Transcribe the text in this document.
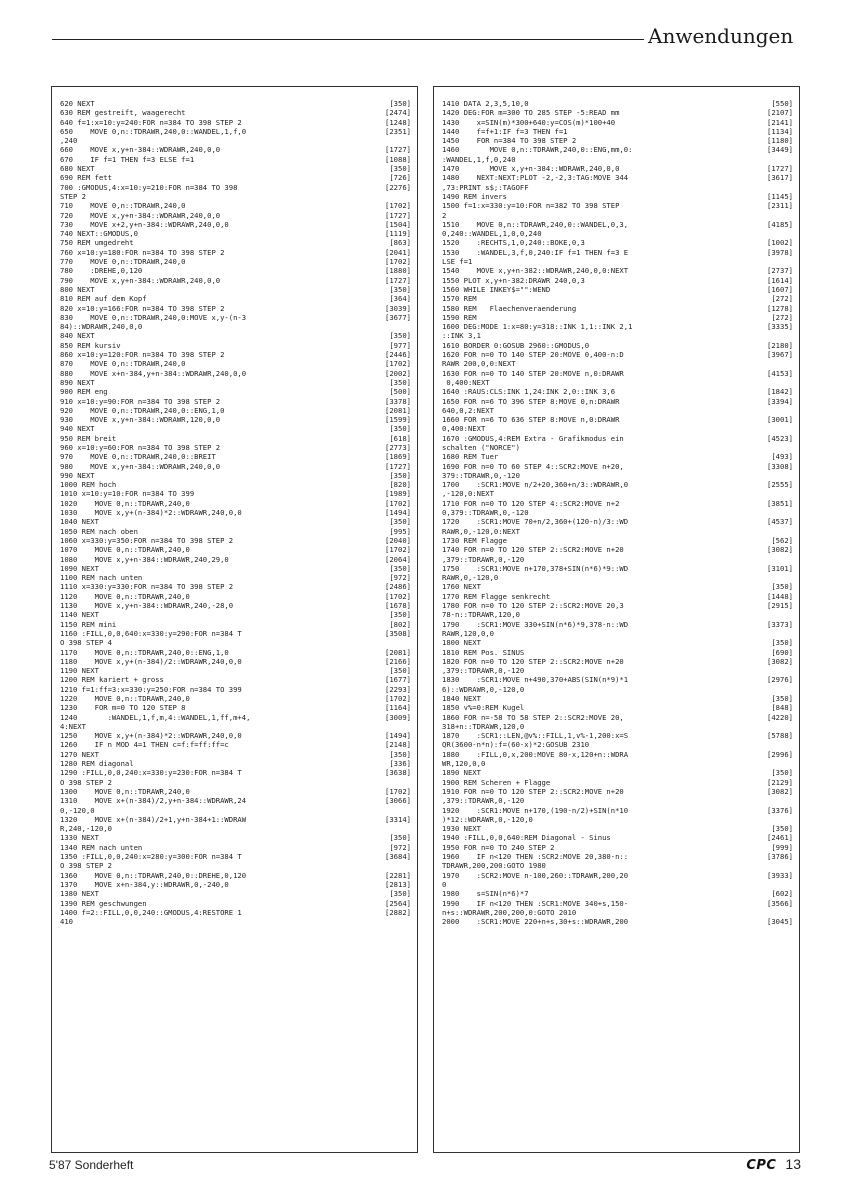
Anwendungen
620 NEXT	[350]
630 REM gestreift, waagerecht	[2474]
640 f=1:x=10:y=240:FOR n=384 TO 398 STEP 2	[1248]
650    MOVE 0,n::TDRAWR,240,0::WANDEL,1,f,0	[2351]
,240
660    MOVE x,y+n-384::WDRAWR,240,0,0	[1727]
670    IF f=1 THEN f=3 ELSE f=1	[1088]
680 NEXT	[350]
690 REM fett	[726]
700 :GMODUS,4:x=10:y=210:FOR n=384 TO 398	[2276]
STEP 2
710    MOVE 0,n::TDRAWR,240,0	[1702]
720    MOVE x,y+n-384::WDRAWR,240,0,0	[1727]
730    MOVE x+2,y+n-384::WDRAWR,240,0,0	[1504]
740 NEXT::GMODUS,0	[1119]
750 REM umgedreht	[863]
760 x=10:y=180:FOR n=384 TO 398 STEP 2	[2041]
770    MOVE 0,n::TDRAWR,240,0	[1702]
780    :DREHE,0,120	[1880]
790    MOVE x,y+n-384::WDRAWR,240,0,0	[1727]
800 NEXT	[350]
810 REM auf dem Kopf	[364]
820 x=10:y=166:FOR n=384 TO 398 STEP 2	[3039]
830    MOVE 0,n::TDRAWR,240,0:MOVE x,y-(n-3	[3677]
84)::WDRAWR,240,0,0
840 NEXT	[350]
850 REM kursiv	[977]
860 x=10:y=120:FOR n=384 TO 398 STEP 2	[2446]
870    MOVE 0,n::TDRAWR,240,0	[1702]
880    MOVE x+n-384,y+n-384::WDRAWR,240,0,0	[2002]
890 NEXT	[350]
900 REM eng	[500]
910 x=10:y=90:FOR n=384 TO 398 STEP 2	[3378]
920    MOVE 0,n::TDRAWR,240,0::ENG,1,0	[2081]
930    MOVE x,y+n-384::WDRAWR,120,0,0	[1599]
940 NEXT	[350]
950 REM breit	[618]
960 x=10:y=60:FOR n=384 TO 398 STEP 2	[2773]
970    MOVE 0,n::TDRAWR,240,0::BREIT	[1869]
980    MOVE x,y+n-384::WDRAWR,240,0,0	[1727]
990 NEXT	[350]
1000 REM hoch	[820]
1010 x=10:y=10:FOR n=384 TO 399	[1989]
1020    MOVE 0,n::TDRAWR,240,0	[1702]
1030    MOVE x,y+(n-384)*2::WDRAWR,240,0,0	[1494]
1040 NEXT	[350]
1050 REM nach oben	[995]
1060 x=330:y=350:FOR n=384 TO 398 STEP 2	[2040]
1070    MOVE 0,n::TDRAWR,240,0	[1702]
1080    MOVE x,y+n-384::WDRAWR,240,29,0	[2064]
1090 NEXT	[350]
1100 REM nach unten	[972]
1110 x=330:y=330:FOR n=384 TO 398 STEP 2	[2486]
1120    MOVE 0,n::TDRAWR,240,0	[1702]
1130    MOVE x,y+n-384::WDRAWR,240,-28,0	[1678]
1140 NEXT	[350]
1150 REM mini	[802]
1160 :FILL,0,0,640:x=330:y=290:FOR n=384 T	[3508]
O 398 STEP 4
1170    MOVE 0,n::TDRAWR,240,0::ENG,1,0	[2081]
1180    MOVE x,y+(n-384)/2::WDRAWR,240,0,0	[2166]
1190 NEXT	[350]
1200 REM kariert + gross	[1677]
1210 f=1:ff=3:x=330:y=250:FOR n=384 TO 399	[2293]
1220    MOVE 0,n::TDRAWR,240,0	[1702]
1230    FOR m=0 TO 120 STEP 8	[1164]
1240       :WANDEL,1,f,m,4::WANDEL,1,ff,m+4,	[3009]
4:NEXT
1250    MOVE x,y+(n-384)*2::WDRAWR,240,0,0	[1494]
1260    IF n MOD 4=1 THEN c=f:f=ff:ff=c	[2148]
1270 NEXT	[350]
1280 REM diagonal	[336]
1290 :FILL,0,0,240:x=330:y=230:FOR n=384 T	[3638]
O 398 STEP 2
1300    MOVE 0,n::TDRAWR,240,0	[1702]
1310    MOVE x+(n-384)/2,y+n-384::WDRAWR,24	[3066]
0,-120,0
1320    MOVE x+(n-384)/2+1,y+n-384+1::WDRAW	[3314]
R,240,-120,0
1330 NEXT	[350]
1340 REM nach unten	[972]
1350 :FILL,0,0,240:x=280:y=300:FOR n=384 T	[3684]
O 398 STEP 2
1360    MOVE 0,n::TDRAWR,240,0::DREHE,0,120	[2281]
1370    MOVE x+n-384,y::WDRAWR,0,-240,0	[2813]
1380 NEXT	[350]
1390 REM geschwungen	[2564]
1400 f=2::FILL,0,0,240::GMODUS,4:RESTORE 1	[2882]
410
1410 DATA 2,3,5,10,0	[550]
1420 DEG:FOR m=300 TO 285 STEP -5:READ mm	[2107]
1430    x=SIN(m)*300+640:y=COS(m)*100+40	[2141]
1440    f=f+1:IF f=3 THEN f=1	[1134]
1450    FOR n=384 TO 398 STEP 2	[1180]
1460       MOVE 0,n::TDRAWR,240,0::ENG,mm,0:	[3449]
:WANDEL,1,f,0,240
1470       MOVE x,y+n-384::WDRAWR,240,0,0	[1727]
1480    NEXT:NEXT:PLOT -2,-2,3:TAG:MOVE 344	[3617]
,73:PRINT s$;:TAGOFF
1490 REM invers	[1145]
1500 f=1:x=330:y=10:FOR n=382 TO 398 STEP	[2311]
2
1510    MOVE 0,n::TDRAWR,240,0::WANDEL,0,3,	[4185]
0,240::WANDEL,1,0,0,240
1520    :RECHTS,1,0,240::BOKE,0,3	[1002]
1530    :WANDEL,3,f,0,240:IF f=1 THEN f=3 E	[3978]
LSE f=1
1540    MOVE x,y+n-382::WDRAWR,240,0,0:NEXT	[2737]
1550 PLOT x,y+n-382:DRAWR 240,0,3	[1614]
1560 WHILE INKEY$="":WEND	[1607]
1570 REM	[272]
1580 REM   Flaechenveraenderung	[1278]
1590 REM	[272]
1600 DEG:MODE 1:x=80:y=318::INK 1,1::INK 2,1	[3335]
::INK 3,1
1610 BORDER 0:GOSUB 2960::GMODUS,0	[2180]
1620 FOR n=0 TO 140 STEP 20:MOVE 0,400-n:D	[3967]
RAWR 200,0,0:NEXT
1630 FOR n=0 TO 140 STEP 20:MOVE n,0:DRAWR	[4153]
0,400:NEXT
1640 :RAUS:CLS:INK 1,24:INK 2,0::INK 3,6	[1842]
1650 FOR n=6 TO 396 STEP 8:MOVE 0,n:DRAWR	[3394]
640,0,2:NEXT
1660 FOR n=6 TO 636 STEP 8:MOVE n,0:DRAWR	[3001]
0,400:NEXT
1670 :GMODUS,4:REM Extra - Grafikmodus ein	[4523]
schalten ("NORCE")
1680 REM Tuer	[493]
1690 FOR n=0 TO 60 STEP 4::SCR2:MOVE n+20,	[3308]
379::TDRAWR,0,-120
1700    :SCR1:MOVE n/2+20,360+n/3::WDRAWR,0	[2555]
,-120,0:NEXT
1710 FOR n=0 TO 120 STEP 4::SCR2:MOVE n+2	[3851]
0,379::TDRAWR,0,-120
1720    :SCR1:MOVE 70+n/2,360+(120-n)/3::WD	[4537]
RAWR,0,-120,0:NEXT
1730 REM Flagge	[562]
1740 FOR n=0 TO 120 STEP 2::SCR2:MOVE n+20	[3082]
,379::TDRAWR,0,-120
1750    :SCR1:MOVE n+170,378+SIN(n*6)*9::WD	[3101]
RAWR,0,-120,0
1760 NEXT	[350]
1770 REM Flagge senkrecht	[1448]
1780 FOR n=0 TO 120 STEP 2::SCR2:MOVE 20,3	[2915]
78-n::TDRAWR,120,0
1790    :SCR1:MOVE 330+SIN(n*6)*9,378-n::WD	[3373]
RAWR,120,0,0
1800 NEXT	[350]
1810 REM Pos. SINUS	[690]
1820 FOR n=0 TO 120 STEP 2::SCR2:MOVE n+20	[3082]
,379::TDRAWR,0,-120
1830    :SCR1:MOVE n+490,370+ABS(SIN(n*9)*1	[2976]
6)::WDRAWR,0,-120,0
1840 NEXT	[350]
1850 v%=0:REM Kugel	[848]
1860 FOR n=-58 TO 58 STEP 2::SCR2:MOVE 20,	[4220]
318+n::TDRAWR,120,0
1870    :SCR1::LEN,@v%::FILL,1,v%-1,200:x=S	[5788]
QR(3600-n*n):f=(60-x)*2:GOSUB 2310
1880    :FILL,0,x,200:MOVE 80-x,120+n::WDRA	[2996]
WR,120,0,0
1890 NEXT	[350]
1900 REM Scheren + Flagge	[2129]
1910 FOR n=0 TO 120 STEP 2::SCR2:MOVE n+20	[3082]
,379::TDRAWR,0,-120
1920    :SCR1:MOVE n+170,(190-n/2)+SIN(n*10	[3376]
)*12::WDRAWR,0,-120,0
1930 NEXT	[350]
1940 :FILL,0,0,640:REM Diagonal - Sinus	[2461]
1950 FOR n=0 TO 240 STEP 2	[999]
1960    IF n<120 THEN :SCR2:MOVE 20,380-n::	[3786]
TDRAWR,200,200:GOTO 1980
1970    :SCR2:MOVE n-100,260::TDRAWR,200,20	[3933]
0
1980    s=SIN(n*6)*7	[602]
1990    IF n<120 THEN :SCR1:MOVE 340+s,150-	[3566]
n+s::WDRAWR,200,200,0:GOTO 2010
2000    :SCR1:MOVE 220+n+s,30+s::WDRAWR,200	[3045]
5'87 Sonderheft	CPC 13
